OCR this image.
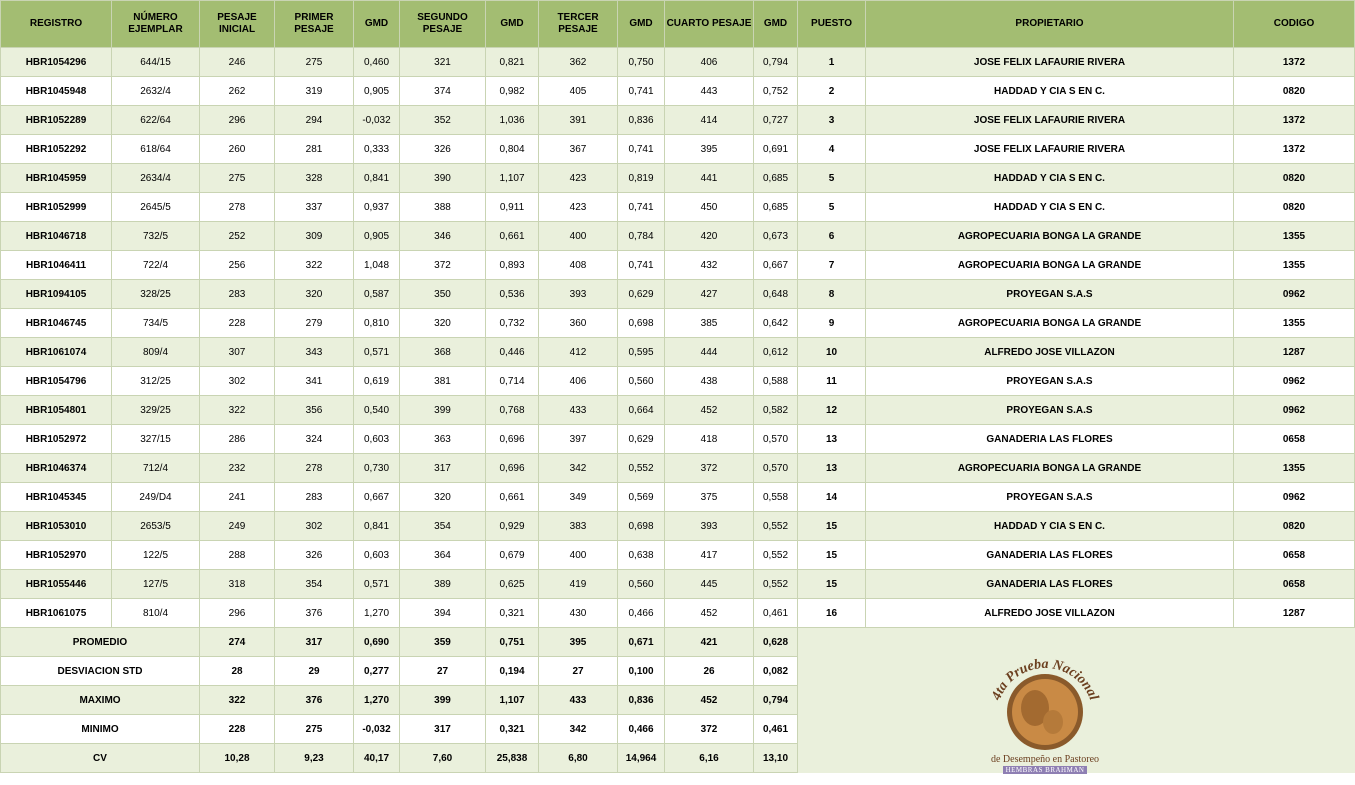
REGISTRO	NÚMERO EJEMPLAR	PESAJE INICIAL	PRIMER PESAJE	GMD	SEGUNDO PESAJE	GMD	TERCER PESAJE	GMD	CUARTO PESAJE	GMD	PUESTO	PROPIETARIO	CODIGO
HBR1054296	644/15	246	275	0,460	321	0,821	362	0,750	406	0,794	1	JOSE FELIX LAFAURIE RIVERA	1372
HBR1045948	2632/4	262	319	0,905	374	0,982	405	0,741	443	0,752	2	HADDAD Y CIA S EN C.	0820
HBR1052289	622/64	296	294	-0,032	352	1,036	391	0,836	414	0,727	3	JOSE FELIX LAFAURIE RIVERA	1372
HBR1052292	618/64	260	281	0,333	326	0,804	367	0,741	395	0,691	4	JOSE FELIX LAFAURIE RIVERA	1372
HBR1045959	2634/4	275	328	0,841	390	1,107	423	0,819	441	0,685	5	HADDAD Y CIA S EN C.	0820
HBR1052999	2645/5	278	337	0,937	388	0,911	423	0,741	450	0,685	5	HADDAD Y CIA S EN C.	0820
HBR1046718	732/5	252	309	0,905	346	0,661	400	0,784	420	0,673	6	AGROPECUARIA BONGA LA GRANDE	1355
HBR1046411	722/4	256	322	1,048	372	0,893	408	0,741	432	0,667	7	AGROPECUARIA BONGA LA GRANDE	1355
HBR1094105	328/25	283	320	0,587	350	0,536	393	0,629	427	0,648	8	PROYEGAN S.A.S	0962
HBR1046745	734/5	228	279	0,810	320	0,732	360	0,698	385	0,642	9	AGROPECUARIA BONGA LA GRANDE	1355
HBR1061074	809/4	307	343	0,571	368	0,446	412	0,595	444	0,612	10	ALFREDO JOSE VILLAZON	1287
HBR1054796	312/25	302	341	0,619	381	0,714	406	0,560	438	0,588	11	PROYEGAN S.A.S	0962
HBR1054801	329/25	322	356	0,540	399	0,768	433	0,664	452	0,582	12	PROYEGAN S.A.S	0962
HBR1052972	327/15	286	324	0,603	363	0,696	397	0,629	418	0,570	13	GANADERIA LAS FLORES	0658
HBR1046374	712/4	232	278	0,730	317	0,696	342	0,552	372	0,570	13	AGROPECUARIA BONGA LA GRANDE	1355
HBR1045345	249/D4	241	283	0,667	320	0,661	349	0,569	375	0,558	14	PROYEGAN S.A.S	0962
HBR1053010	2653/5	249	302	0,841	354	0,929	383	0,698	393	0,552	15	HADDAD Y CIA S EN C.	0820
HBR1052970	122/5	288	326	0,603	364	0,679	400	0,638	417	0,552	15	GANADERIA LAS FLORES	0658
HBR1055446	127/5	318	354	0,571	389	0,625	419	0,560	445	0,552	15	GANADERIA LAS FLORES	0658
HBR1061075	810/4	296	376	1,270	394	0,321	430	0,466	452	0,461	16	ALFREDO JOSE VILLAZON	1287
PROMEDIO		274	317	0,690	359	0,751	395	0,671	421	0,628			
DESVIACION STD		28	29	0,277	27	0,194	27	0,100	26	0,082			
MAXIMO		322	376	1,270	399	1,107	433	0,836	452	0,794			
MINIMO		228	275	-0,032	317	0,321	342	0,466	372	0,461			
CV		10,28	9,23	40,17	7,60	25,838	6,80	14,964	6,16	13,10			
4ta Prueba Nacional
de Desempeño en Pastoreo
HEMBRAS BRAHMAN
